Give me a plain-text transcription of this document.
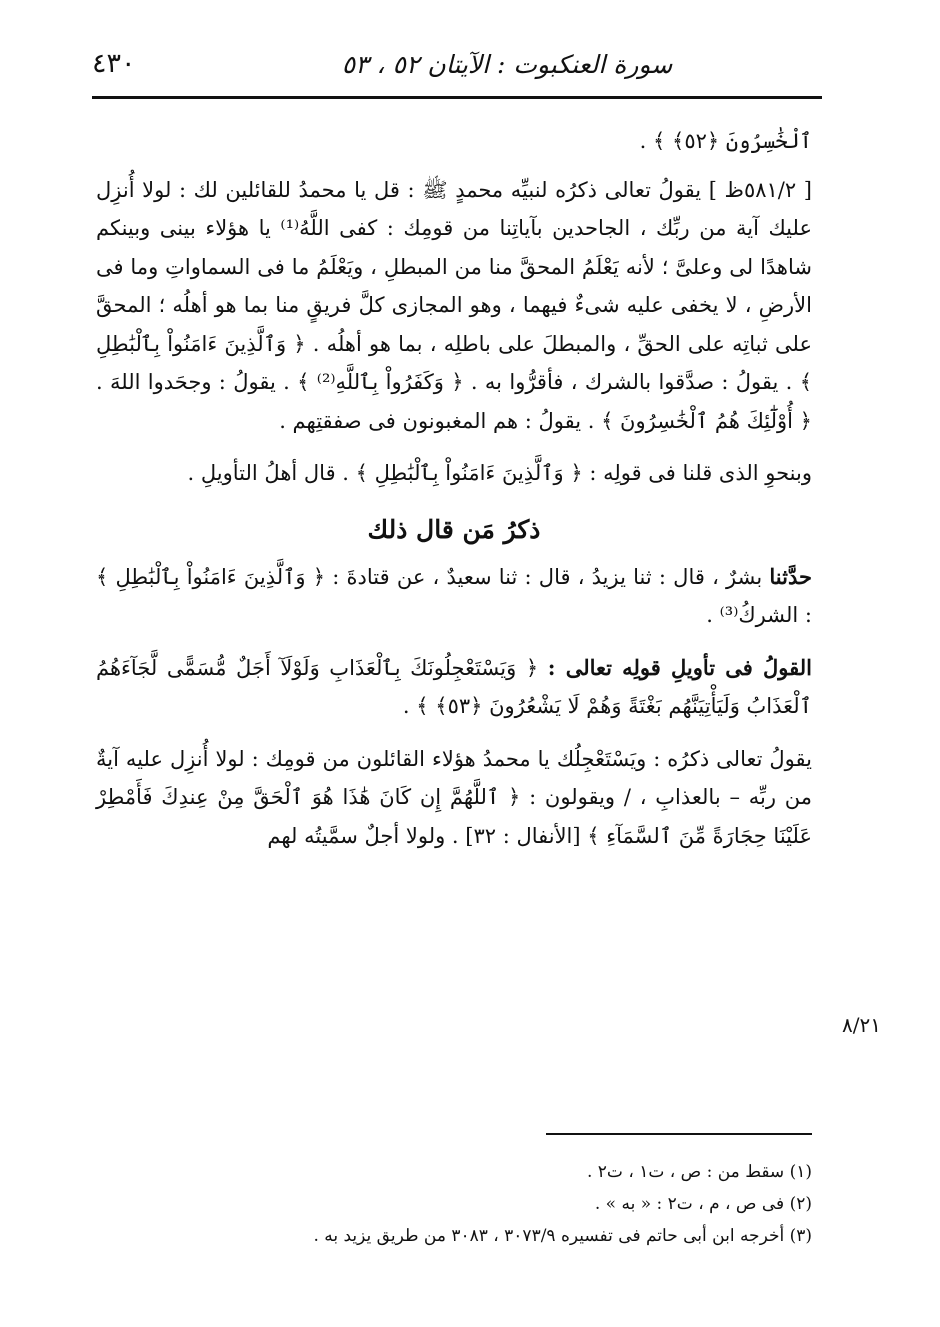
٤٣٠	سورة العنكبوت : الآيتان ٥٢ ، ٥٣

ٱلْخَٰسِرُونَ ﴿٥٢﴾ ﴾ .

[ ٥٨١/٢ظ ] يقولُ تعالى ذكرُه لنبيِّه محمدٍ ﷺ : قل يا محمدُ للقائلين لك : لولا أُنزِل عليك آية من ربِّك ، الجاحدين بآياتِنا من قومِك : كفى اللَّهُ⁽¹⁾ يا هؤلاء بينى وبينكم شاهدًا لى وعلىَّ ؛ لأنه يَعْلَمُ المحقَّ منا من المبطلِ ، ويَعْلَمُ ما فى السماواتِ وما فى الأرضِ ، لا يخفى عليه شىءٌ فيهما ، وهو المجازى كلَّ فريقٍ منا بما هو أهلُه ؛ المحقَّ على ثباتِه على الحقِّ ، والمبطلَ على باطلِه ، بما هو أهلُه . ﴿ وَٱلَّذِينَ ءَامَنُواْ بِٱلْبَٰطِلِ ﴾ . يقولُ : صدَّقوا بالشرك ، فأقرُّوا به . ﴿ وَكَفَرُواْ بِٱللَّهِ⁽²⁾ ﴾ . يقولُ : وجحَدوا اللهَ . ﴿ أُوْلَٰٓئِكَ هُمُ ٱلْخَٰسِرُونَ ﴾ . يقولُ : هم المغبونون فى صفقتِهم .

وبنحوِ الذى قلنا فى قولِه : ﴿ وَٱلَّذِينَ ءَامَنُواْ بِٱلْبَٰطِلِ ﴾ . قال أهلُ التأويلِ .

ذكرُ مَن قال ذلك

حدَّثنا بشرٌ ، قال : ثنا يزيدُ ، قال : ثنا سعيدٌ ، عن قتادةَ : ﴿ وَٱلَّذِينَ ءَامَنُواْ بِٱلْبَٰطِلِ ﴾ : الشركُ⁽³⁾ .

القولُ فى تأويلِ قولِه تعالى : ﴿ وَيَسْتَعْجِلُونَكَ بِٱلْعَذَابِ وَلَوْلَآ أَجَلٌ مُّسَمًّى لَّجَآءَهُمُ ٱلْعَذَابُ وَلَيَأْتِيَنَّهُم بَغْتَةً وَهُمْ لَا يَشْعُرُونَ ﴿٥٣﴾ ﴾ .

يقولُ تعالى ذكرُه : ويَسْتَعْجِلُك يا محمدُ هؤلاء القائلون من قومِك : لولا أُنزِل عليه آيةٌ من ربِّه – بالعذابِ ، / ويقولون : ﴿ ٱللَّهُمَّ إِن كَانَ هَٰذَا هُوَ ٱلْحَقَّ مِنْ عِندِكَ فَأَمْطِرْ عَلَيْنَا حِجَارَةً مِّنَ ٱلسَّمَآءِ ﴾ [الأنفال : ٣٢] . ولولا أجلٌ سمَّيتُه لهم

٨/٢١

(١) سقط من : ص ، ت١ ، ت٢ .

(٢) فى ص ، م ، ت٢ : « به » .

(٣) أخرجه ابن أبى حاتم فى تفسيره ٣٠٧٣/٩ ، ٣٠٨٣ من طريق يزيد به .
